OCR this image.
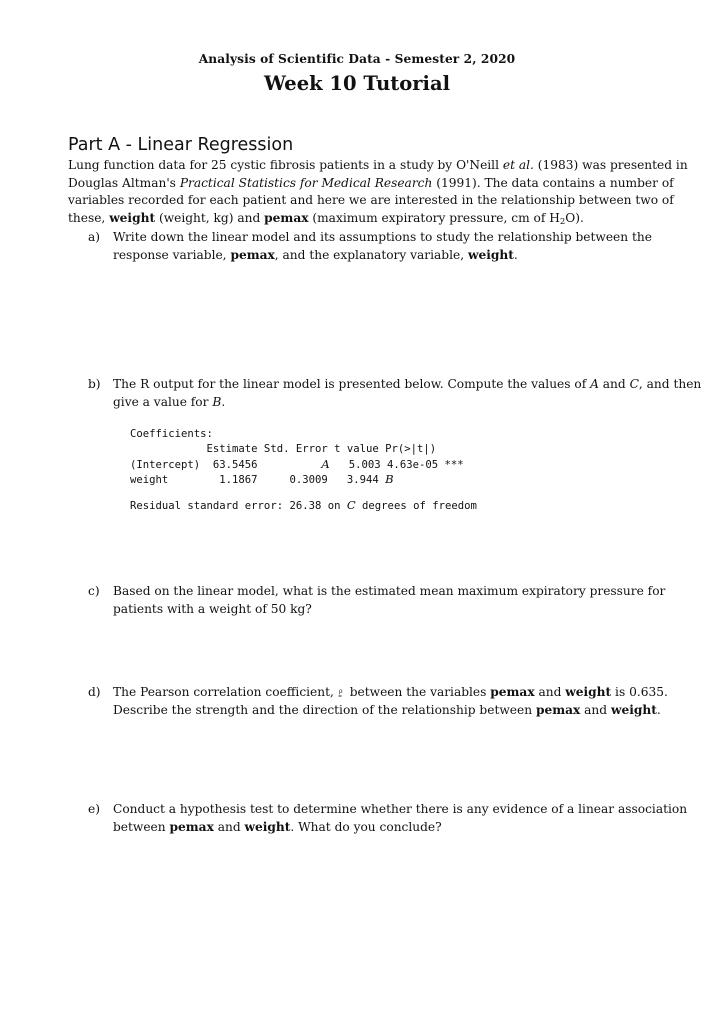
Analysis of Scientific Data - Semester 2, 2020
Week 10 Tutorial
Part A - Linear Regression
Lung function data for 25 cystic fibrosis patients in a study by O'Neill et al. (1983) was presented in
Douglas Altman's Practical Statistics for Medical Research (1991). The data contains a number of
variables recorded for each patient and here we are interested in the relationship between two of
these, weight (weight, kg) and pemax (maximum expiratory pressure, cm of $H_2O$).
a) Write down the linear model and its assumptions to study the relationship between the
response variable, pemax, and the explanatory variable, weight.
b) The R output for the linear model is presented below. Compute the values of A and C, and then
give a value for B.
Coefficients:
Estimate Std. Error t value Pr(>|t|)
(Intercept)  63.5456          A   5.003 4.63e-05 ***
weight        1.1867     0.3009   3.944 B
Residual standard error: 26.38 on C degrees of freedom
c) Based on the linear model, what is the estimated mean maximum expiratory pressure for
patients with a weight of 50 kg?
d) The Pearson correlation coefficient, ρ
= between the variables pemax and weight is 0.635.
Describe the strength and the direction of the relationship between pemax and weight.
e) Conduct a hypothesis test to determine whether there is any evidence of a linear association
between pemax and weight. What do you conclude?
